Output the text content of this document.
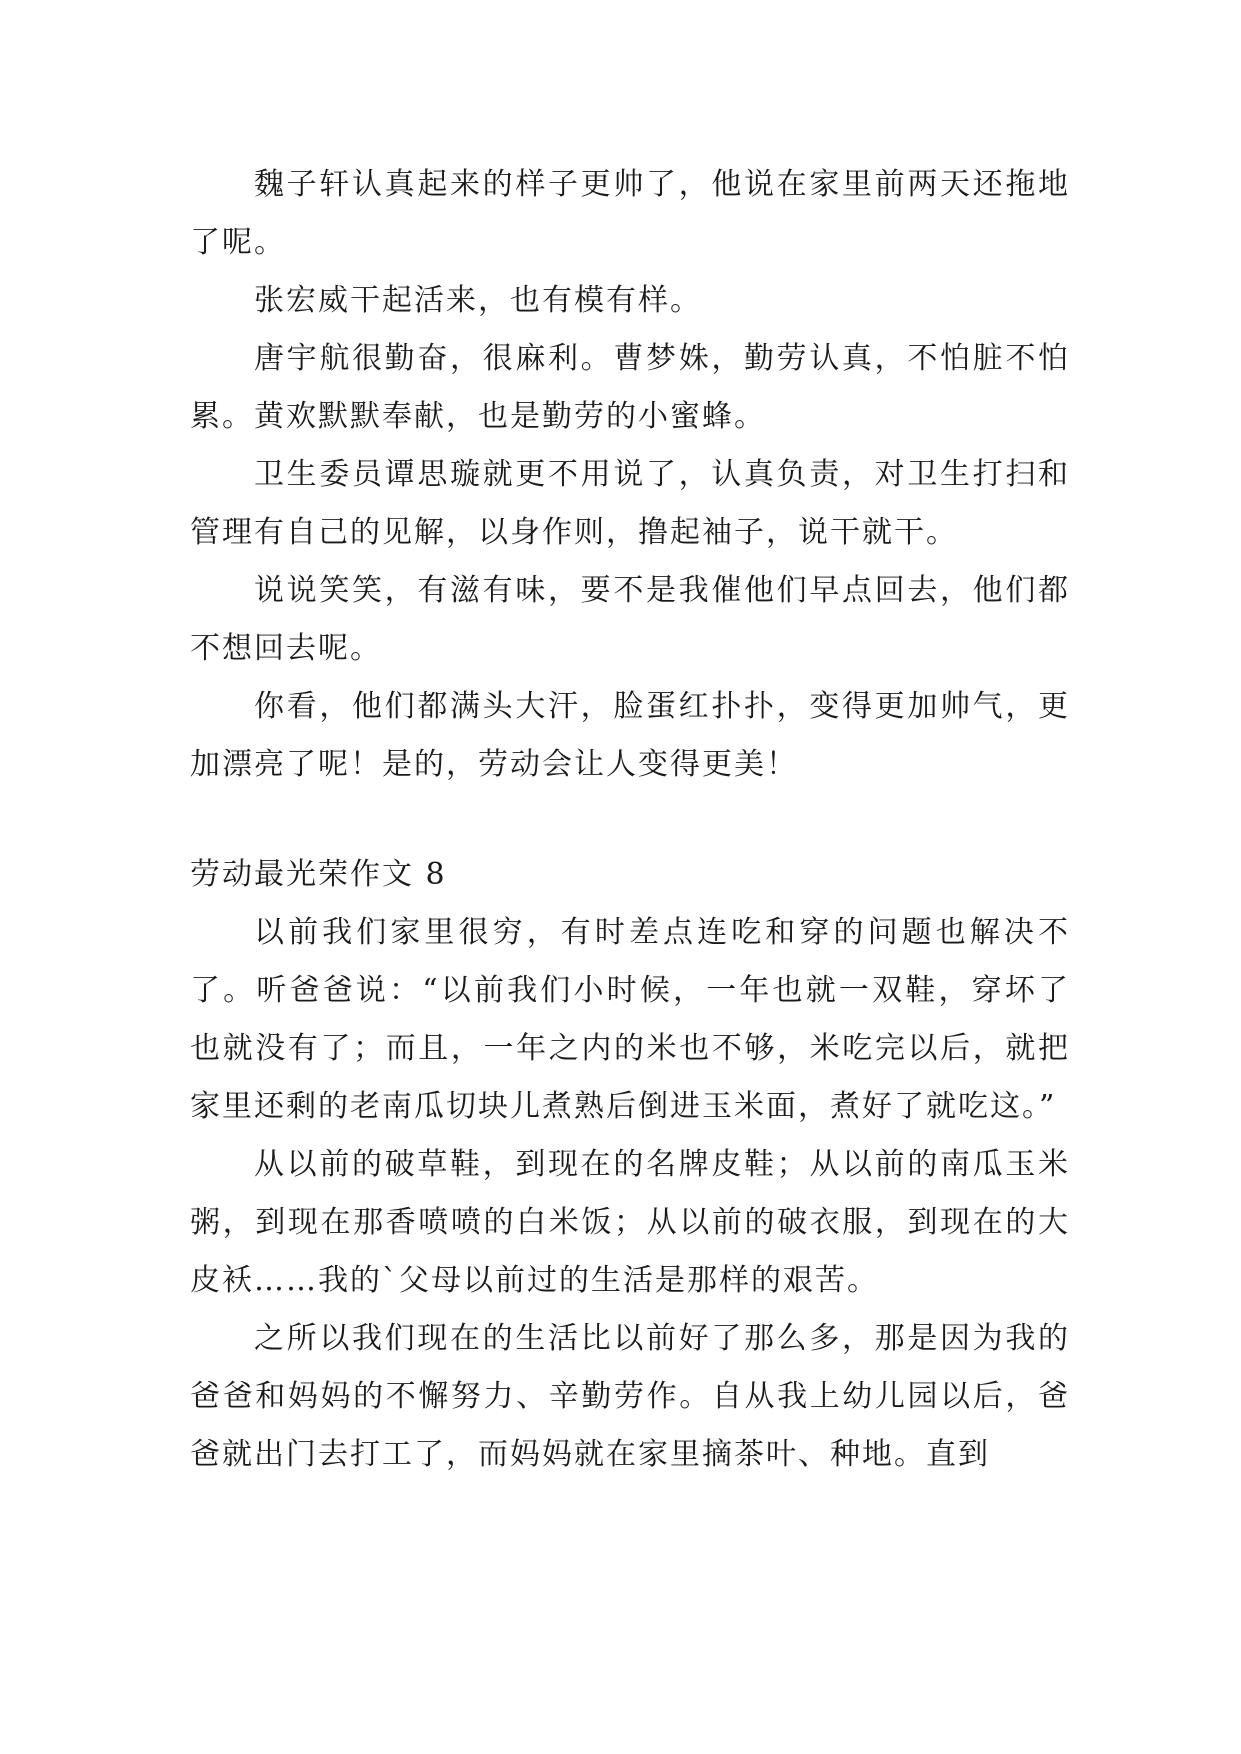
魏子轩认真起来的样子更帅了，他说在家里前两天还拖地了呢。

张宏威干起活来，也有模有样。

唐宇航很勤奋，很麻利。曹梦姝，勤劳认真，不怕脏不怕累。黄欢默默奉献，也是勤劳的小蜜蜂。

卫生委员谭思璇就更不用说了，认真负责，对卫生打扫和管理有自己的见解，以身作则，撸起袖子，说干就干。

说说笑笑，有滋有味，要不是我催他们早点回去，他们都不想回去呢。

你看，他们都满头大汗，脸蛋红扑扑，变得更加帅气，更加漂亮了呢！是的，劳动会让人变得更美！

劳动最光荣作文 8

以前我们家里很穷，有时差点连吃和穿的问题也解决不了。听爸爸说：“以前我们小时候，一年也就一双鞋，穿坏了也就没有了；而且，一年之内的米也不够，米吃完以后，就把家里还剩的老南瓜切块儿煮熟后倒进玉米面，煮好了就吃这。”

从以前的破草鞋，到现在的名牌皮鞋；从以前的南瓜玉米粥，到现在那香喷喷的白米饭；从以前的破衣服，到现在的大皮袄……我的`父母以前过的生活是那样的艰苦。

之所以我们现在的生活比以前好了那么多，那是因为我的爸爸和妈妈的不懈努力、辛勤劳作。自从我上幼儿园以后，爸爸就出门去打工了，而妈妈就在家里摘茶叶、种地。直到
